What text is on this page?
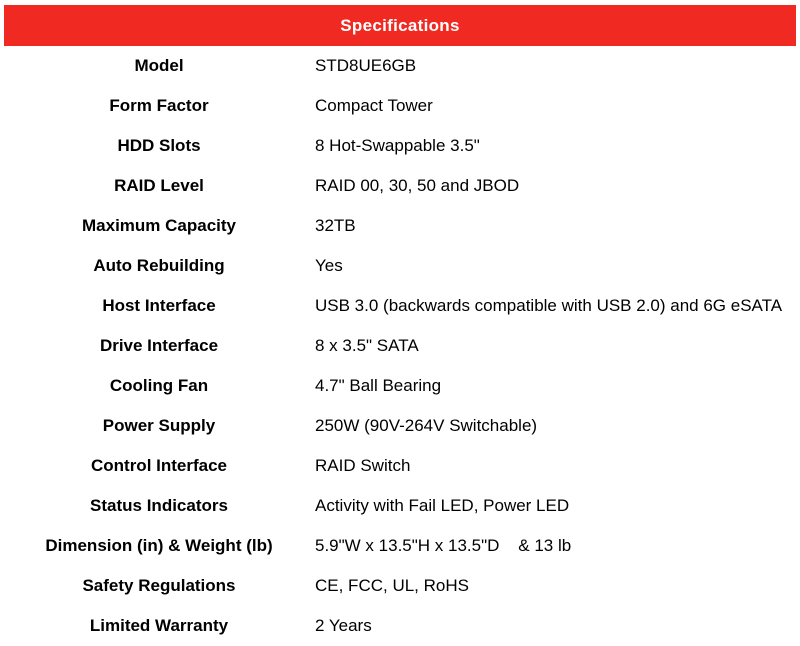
Specifications
Model	STD8UE6GB
Form Factor	Compact Tower
HDD Slots	8 Hot-Swappable 3.5"
RAID Level	RAID 00, 30, 50 and JBOD
Maximum Capacity	32TB
Auto Rebuilding	Yes
Host Interface	USB 3.0 (backwards compatible with USB 2.0) and 6G eSATA
Drive Interface	8 x 3.5" SATA
Cooling Fan	4.7" Ball Bearing
Power Supply	250W (90V-264V Switchable)
Control Interface	RAID Switch
Status Indicators	Activity with Fail LED, Power LED
Dimension (in) & Weight (lb)	5.9"W x 13.5"H x 13.5"D    & 13 lb
Safety Regulations	CE, FCC, UL, RoHS
Limited Warranty	2 Years
